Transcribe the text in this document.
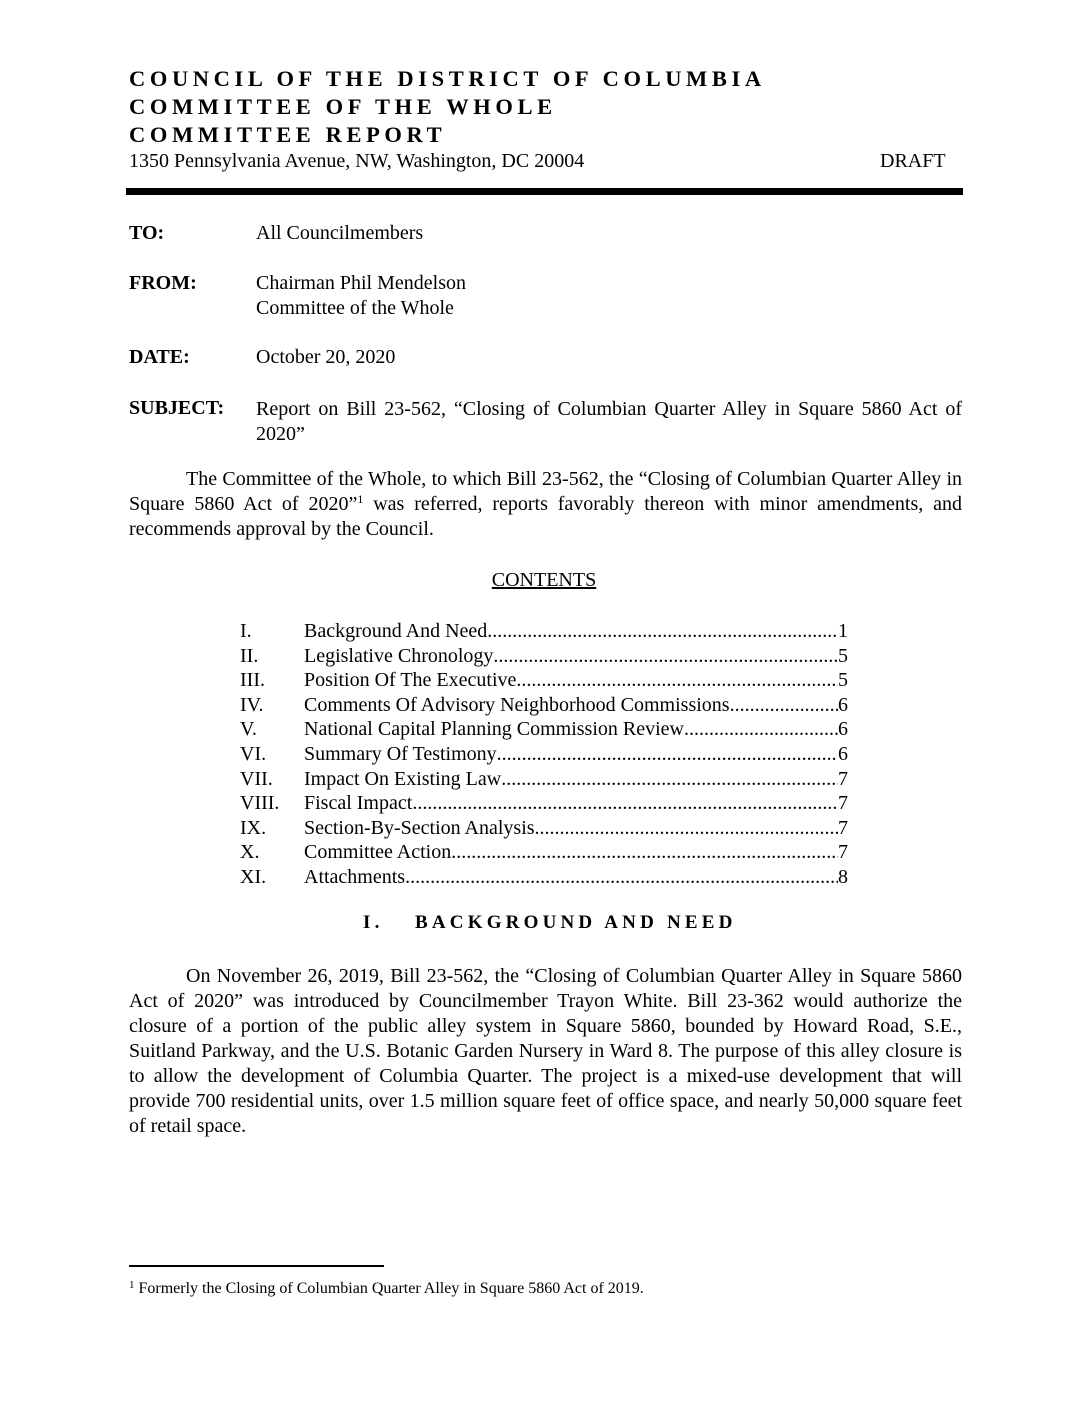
COUNCIL OF THE DISTRICT OF COLUMBIA
COMMITTEE OF THE WHOLE
COMMITTEE REPORT
1350 Pennsylvania Avenue, NW, Washington, DC 20004	DRAFT
TO:	All Councilmembers
FROM:	Chairman Phil Mendelson
Committee of the Whole
DATE:	October 20, 2020
SUBJECT: Report on Bill 23-562, “Closing of Columbian Quarter Alley in Square 5860 Act of 2020”

The Committee of the Whole, to which Bill 23-562, the “Closing of Columbian Quarter Alley in Square 5860 Act of 2020”$^1$ was referred, reports favorably thereon with minor amendments, and recommends approval by the Council.

CONTENTS
I.	Background And Need .....	1
II. Legislative Chronology .....	5
III. Position Of The Executive .....	5
IV. Comments Of Advisory Neighborhood Commissions .....	6
V. National Capital Planning Commission Review .....	6
VI. Summary Of Testimony .....	6
VII. Impact On Existing Law .....	7
VIII. Fiscal Impact .....	7
IX. Section-By-Section Analysis .....	7
X. Committee Action .....	7
XI. Attachments .....	8
I. BACKGROUND AND NEED

On November 26, 2019, Bill 23-562, the “Closing of Columbian Quarter Alley in Square 5860 Act of 2020” was introduced by Councilmember Trayon White. Bill 23-362 would authorize the closure of a portion of the public alley system in Square 5860, bounded by Howard Road, S.E., Suitland Parkway, and the U.S. Botanic Garden Nursery in Ward 8. The purpose of this alley closure is to allow the development of Columbia Quarter. The project is a mixed-use development that will provide 700 residential units, over 1.5 million square feet of office space, and nearly 50,000 square feet of retail space.

$^1$ Formerly the Closing of Columbian Quarter Alley in Square 5860 Act of 2019.
